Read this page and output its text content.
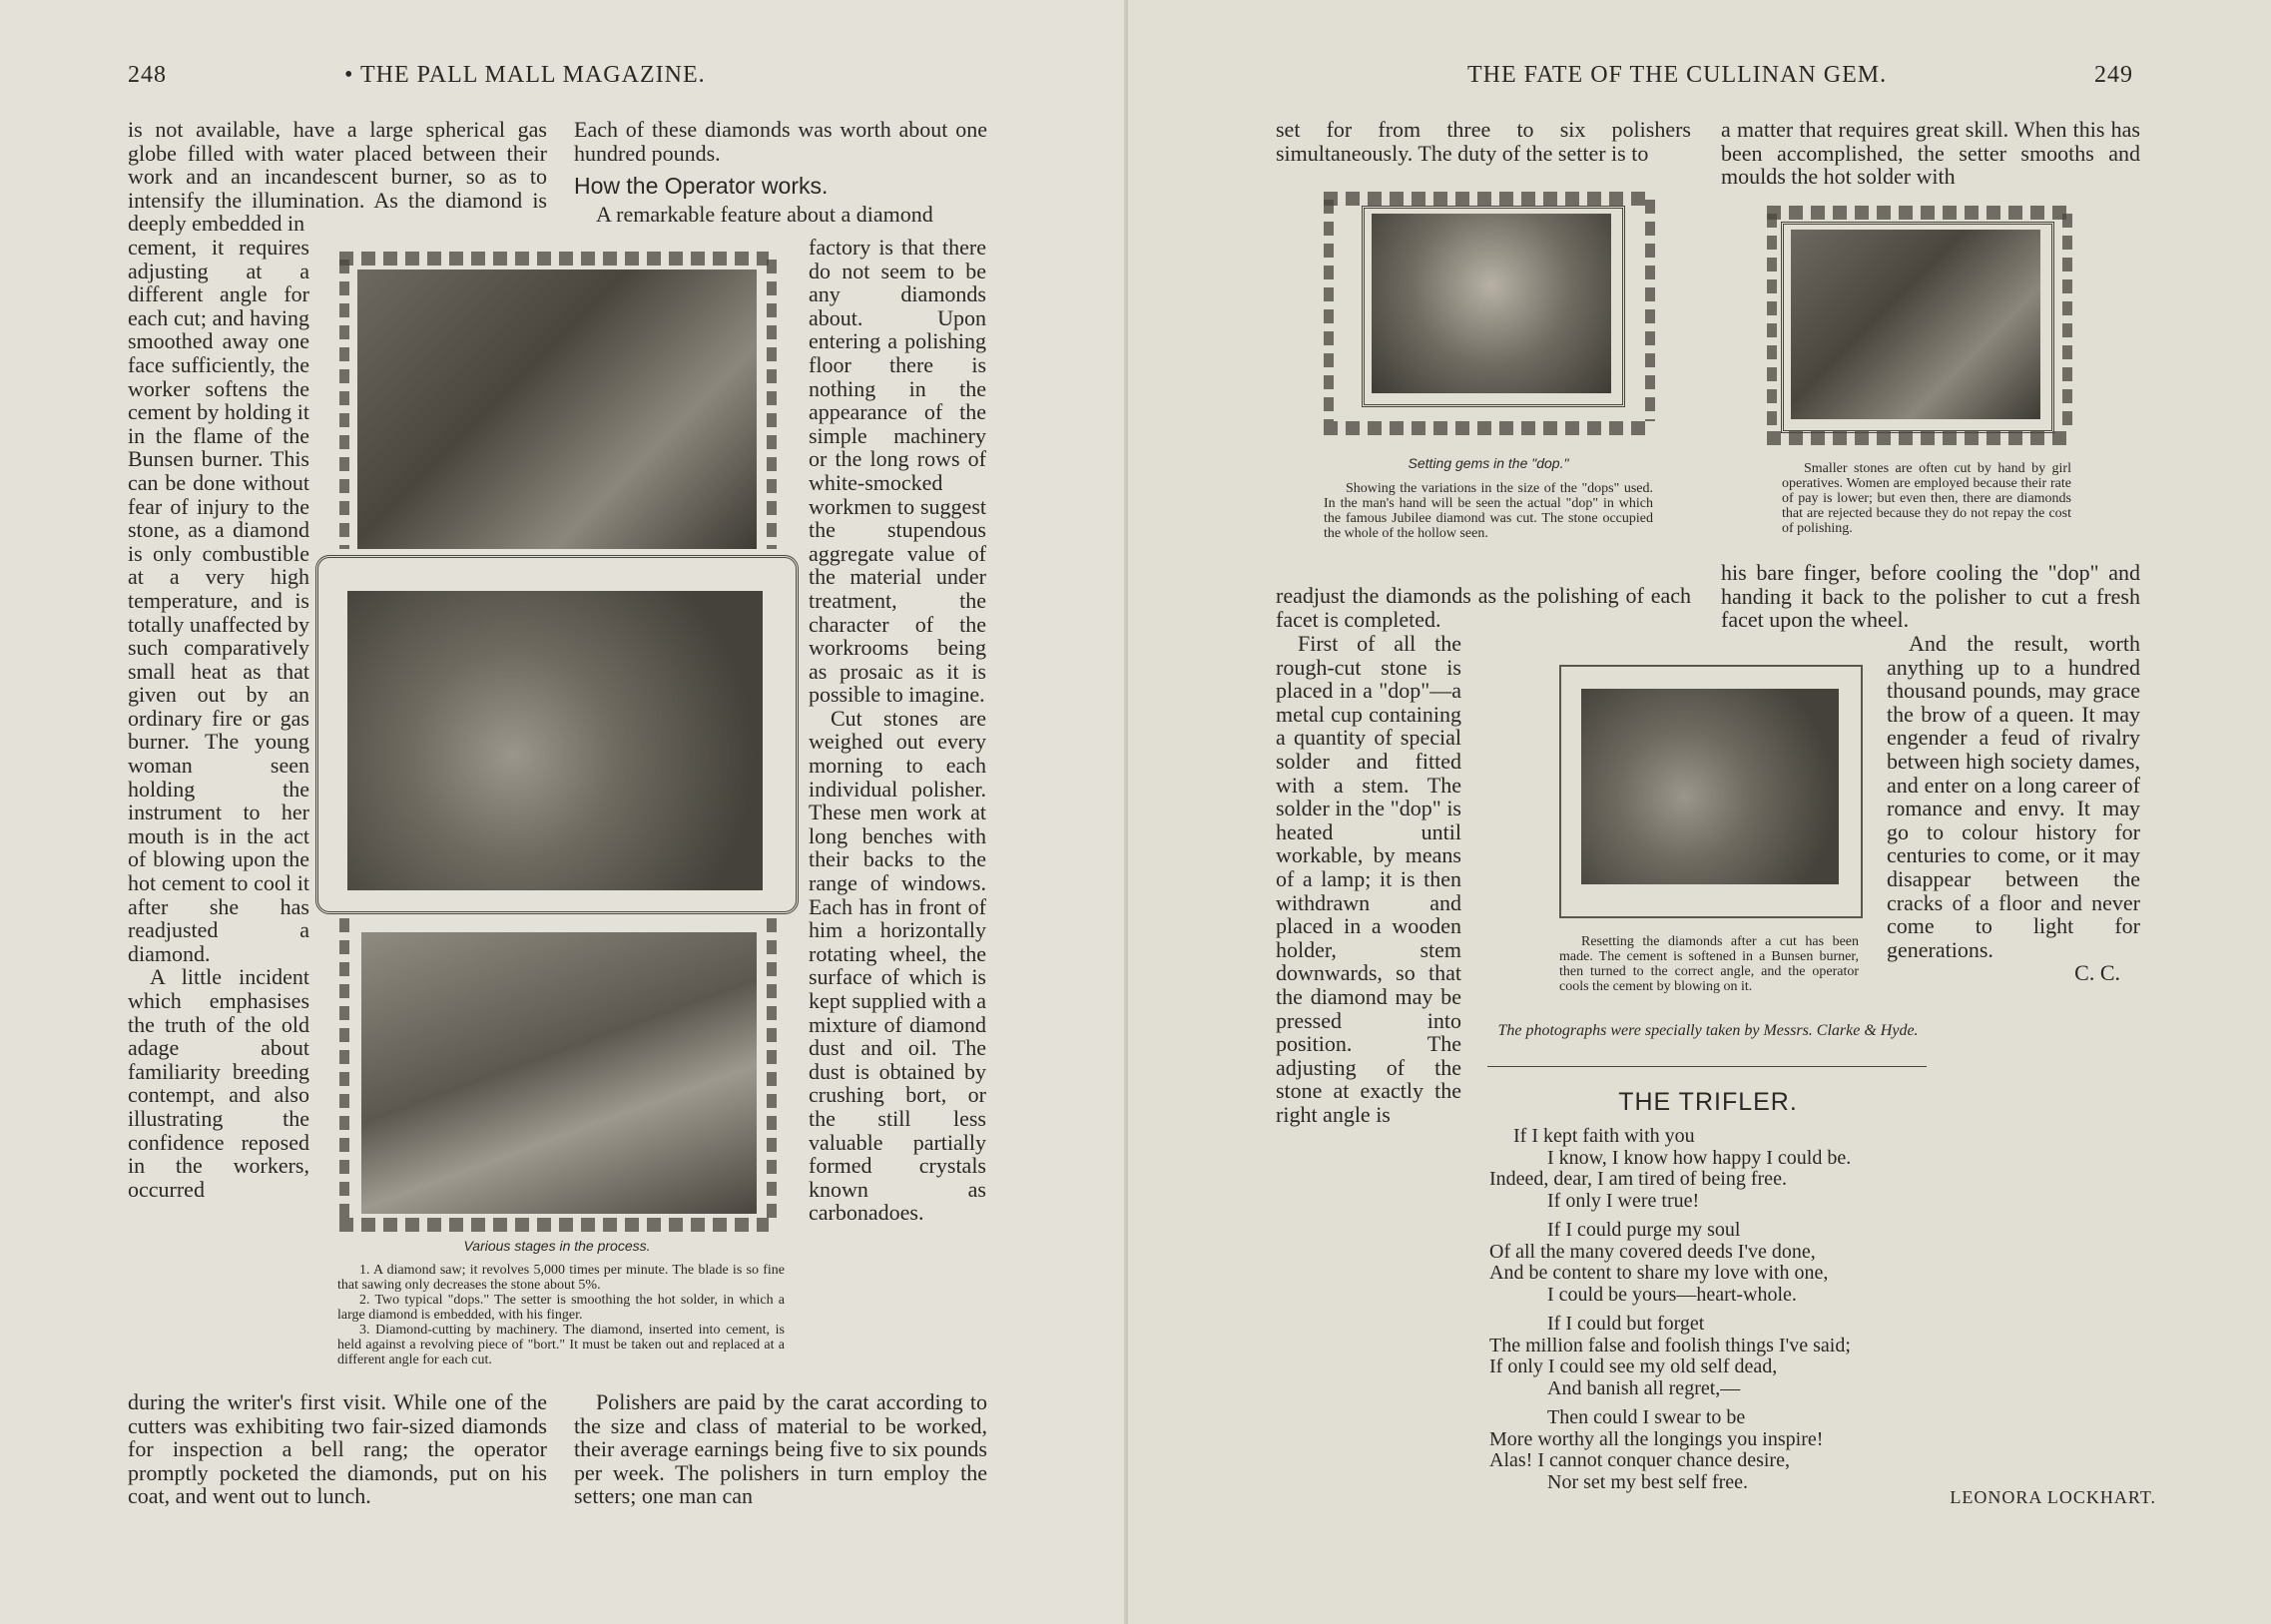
248	• THE PALL MALL MAGAZINE.

is not available, have a large spherical gas globe filled with water placed between their work and an incandescent burner, so as to intensify the illumination. As the diamond is deeply embedded in

cement, it requires adjusting at a different angle for each cut; and having smoothed away one face sufficiently, the worker softens the cement by holding it in the flame of the Bunsen burner. This can be done without fear of injury to the stone, as a diamond is only combustible at a very high temperature, and is totally unaffected by such comparatively small heat as that given out by an ordinary fire or gas burner. The young woman seen holding the instrument to her mouth is in the act of blowing upon the hot cement to cool it after she has readjusted a diamond.

A little incident which emphasises the truth of the old adage about familiarity breeding contempt, and also illustrating the confidence reposed in the workers, occurred

during the writer's first visit. While one of the cutters was exhibiting two fair-sized diamonds for inspection a bell rang; the operator promptly pocketed the diamonds, put on his coat, and went out to lunch.

Each of these diamonds was worth about one hundred pounds.

How the Operator works.

A remarkable feature about a diamond

factory is that there do not seem to be any diamonds about. Upon entering a polishing floor there is nothing in the appearance of the simple machinery or the long rows of white-smocked workmen to suggest the stupendous aggregate value of the material under treatment, the character of the workrooms being as prosaic as it is possible to imagine.

Cut stones are weighed out every morning to each individual polisher. These men work at long benches with their backs to the range of windows. Each has in front of him a horizontally rotating wheel, the surface of which is kept supplied with a mixture of diamond dust and oil. The dust is obtained by crushing bort, or the still less valuable partially formed crystals known as carbonadoes.

Polishers are paid by the carat according to the size and class of material to be worked, their average earnings being five to six pounds per week. The polishers in turn employ the setters; one man can

Various stages in the process.
1. A diamond saw; it revolves 5,000 times per minute. The blade is so fine that sawing only decreases the stone about 5%.
2. Two typical "dops." The setter is smoothing the hot solder, in which a large diamond is embedded, with his finger.
3. Diamond-cutting by machinery. The diamond, inserted into cement, is held against a revolving piece of "bort." It must be taken out and replaced at a different angle for each cut.
THE FATE OF THE CULLINAN GEM.	249

set for from three to six polishers simultaneously. The duty of the setter is to

a matter that requires great skill. When this has been accomplished, the setter smooths and moulds the hot solder with

Setting gems in the "dop."
Showing the variations in the size of the "dops" used. In the man's hand will be seen the actual "dop" in which the famous Jubilee diamond was cut. The stone occupied the whole of the hollow seen.
Smaller stones are often cut by hand by girl operatives. Women are employed because their rate of pay is lower; but even then, there are diamonds that are rejected because they do not repay the cost of polishing.

readjust the diamonds as the polishing of each facet is completed.

First of all the rough-cut stone is placed in a "dop"—a metal cup containing a quantity of special solder and fitted with a stem. The solder in the "dop" is heated until workable, by means of a lamp; it is then withdrawn and placed in a wooden holder, stem downwards, so that the diamond may be pressed into position. The adjusting of the stone at exactly the right angle is

his bare finger, before cooling the "dop" and handing it back to the polisher to cut a fresh facet upon the wheel.

And the result, worth anything up to a hundred thousand pounds, may grace the brow of a queen. It may engender a feud of rivalry between high society dames, and enter on a long career of romance and envy. It may go to colour history for centuries to come, or it may disappear between the cracks of a floor and never come to light for generations.

C. C.

Resetting the diamonds after a cut has been made. The cement is softened in a Bunsen burner, then turned to the correct angle, and the operator cools the cement by blowing on it.
The photographs were specially taken by Messrs. Clarke & Hyde.
THE TRIFLER.
If I kept faith with you
I know, I know how happy I could be.
Indeed, dear, I am tired of being free.
If only I were true!
If I could purge my soul
Of all the many covered deeds I've done,
And be content to share my love with one,
I could be yours—heart-whole.
If I could but forget
The million false and foolish things I've said;
If only I could see my old self dead,
And banish all regret,—
Then could I swear to be
More worthy all the longings you inspire!
Alas! I cannot conquer chance desire,
Nor set my best self free.
LEONORA LOCKHART.
